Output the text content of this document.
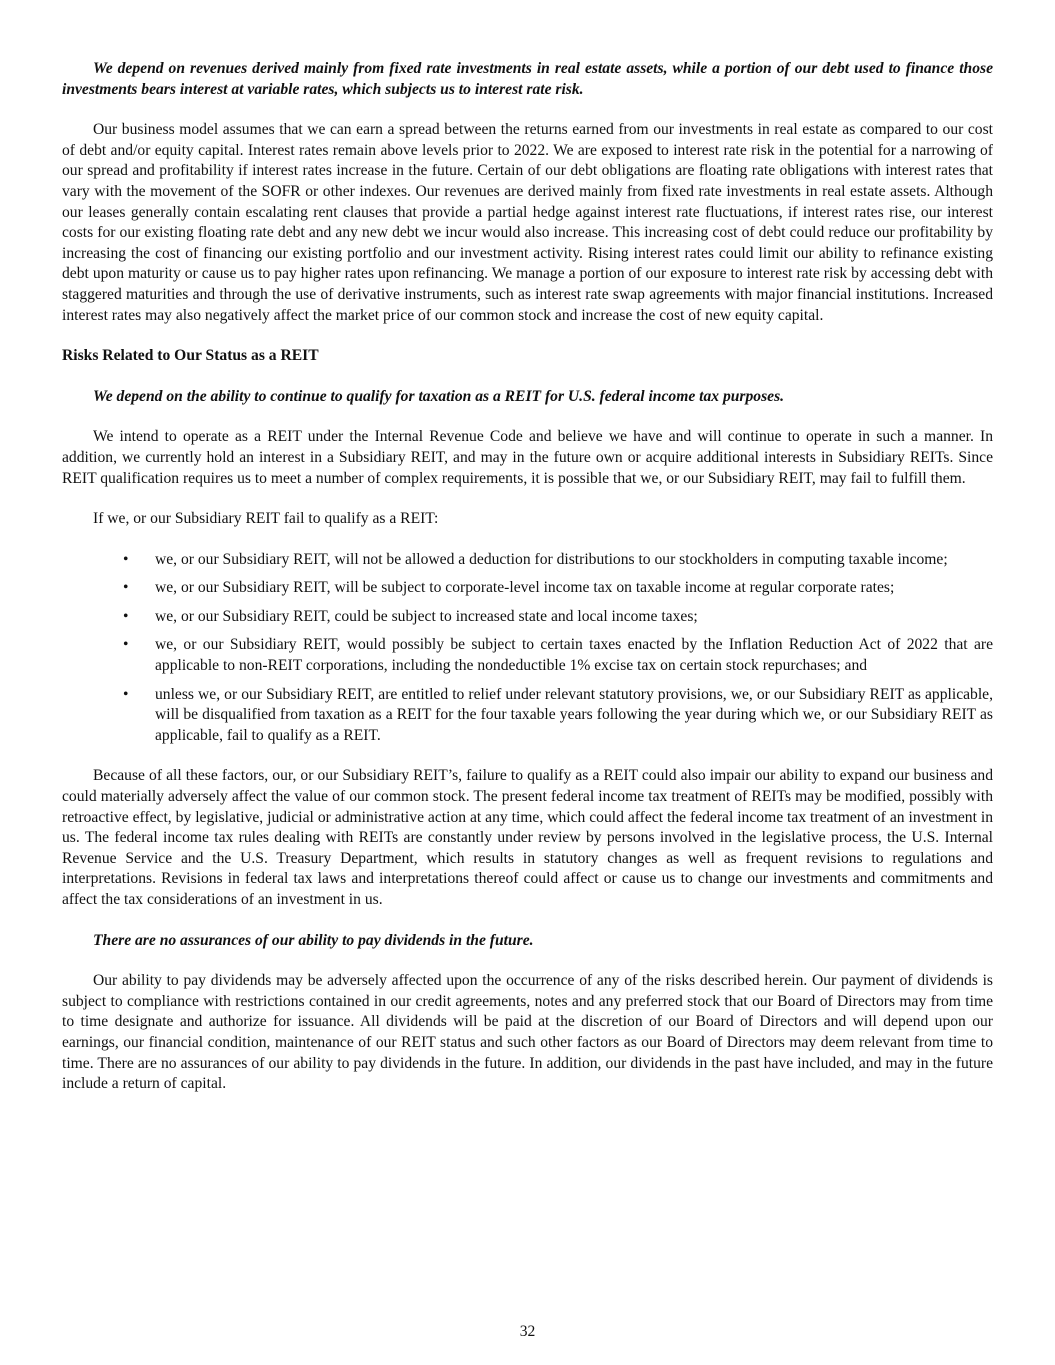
We depend on revenues derived mainly from fixed rate investments in real estate assets, while a portion of our debt used to finance those investments bears interest at variable rates, which subjects us to interest rate risk.

Our business model assumes that we can earn a spread between the returns earned from our investments in real estate as compared to our cost of debt and/or equity capital. Interest rates remain above levels prior to 2022. We are exposed to interest rate risk in the potential for a narrowing of our spread and profitability if interest rates increase in the future. Certain of our debt obligations are floating rate obligations with interest rates that vary with the movement of the SOFR or other indexes. Our revenues are derived mainly from fixed rate investments in real estate assets. Although our leases generally contain escalating rent clauses that provide a partial hedge against interest rate fluctuations, if interest rates rise, our interest costs for our existing floating rate debt and any new debt we incur would also increase. This increasing cost of debt could reduce our profitability by increasing the cost of financing our existing portfolio and our investment activity. Rising interest rates could limit our ability to refinance existing debt upon maturity or cause us to pay higher rates upon refinancing. We manage a portion of our exposure to interest rate risk by accessing debt with staggered maturities and through the use of derivative instruments, such as interest rate swap agreements with major financial institutions. Increased interest rates may also negatively affect the market price of our common stock and increase the cost of new equity capital.

Risks Related to Our Status as a REIT

We depend on the ability to continue to qualify for taxation as a REIT for U.S. federal income tax purposes.

We intend to operate as a REIT under the Internal Revenue Code and believe we have and will continue to operate in such a manner. In addition, we currently hold an interest in a Subsidiary REIT, and may in the future own or acquire additional interests in Subsidiary REITs. Since REIT qualification requires us to meet a number of complex requirements, it is possible that we, or our Subsidiary REIT, may fail to fulfill them.

If we, or our Subsidiary REIT fail to qualify as a REIT:

• we, or our Subsidiary REIT, will not be allowed a deduction for distributions to our stockholders in computing taxable income;
• we, or our Subsidiary REIT, will be subject to corporate-level income tax on taxable income at regular corporate rates;
• we, or our Subsidiary REIT, could be subject to increased state and local income taxes;
• we, or our Subsidiary REIT, would possibly be subject to certain taxes enacted by the Inflation Reduction Act of 2022 that are applicable to non-REIT corporations, including the nondeductible 1% excise tax on certain stock repurchases; and
• unless we, or our Subsidiary REIT, are entitled to relief under relevant statutory provisions, we, or our Subsidiary REIT as applicable, will be disqualified from taxation as a REIT for the four taxable years following the year during which we, or our Subsidiary REIT as applicable, fail to qualify as a REIT.

Because of all these factors, our, or our Subsidiary REIT’s, failure to qualify as a REIT could also impair our ability to expand our business and could materially adversely affect the value of our common stock. The present federal income tax treatment of REITs may be modified, possibly with retroactive effect, by legislative, judicial or administrative action at any time, which could affect the federal income tax treatment of an investment in us. The federal income tax rules dealing with REITs are constantly under review by persons involved in the legislative process, the U.S. Internal Revenue Service and the U.S. Treasury Department, which results in statutory changes as well as frequent revisions to regulations and interpretations. Revisions in federal tax laws and interpretations thereof could affect or cause us to change our investments and commitments and affect the tax considerations of an investment in us.

There are no assurances of our ability to pay dividends in the future.

Our ability to pay dividends may be adversely affected upon the occurrence of any of the risks described herein. Our payment of dividends is subject to compliance with restrictions contained in our credit agreements, notes and any preferred stock that our Board of Directors may from time to time designate and authorize for issuance. All dividends will be paid at the discretion of our Board of Directors and will depend upon our earnings, our financial condition, maintenance of our REIT status and such other factors as our Board of Directors may deem relevant from time to time. There are no assurances of our ability to pay dividends in the future. In addition, our dividends in the past have included, and may in the future include a return of capital.

32
